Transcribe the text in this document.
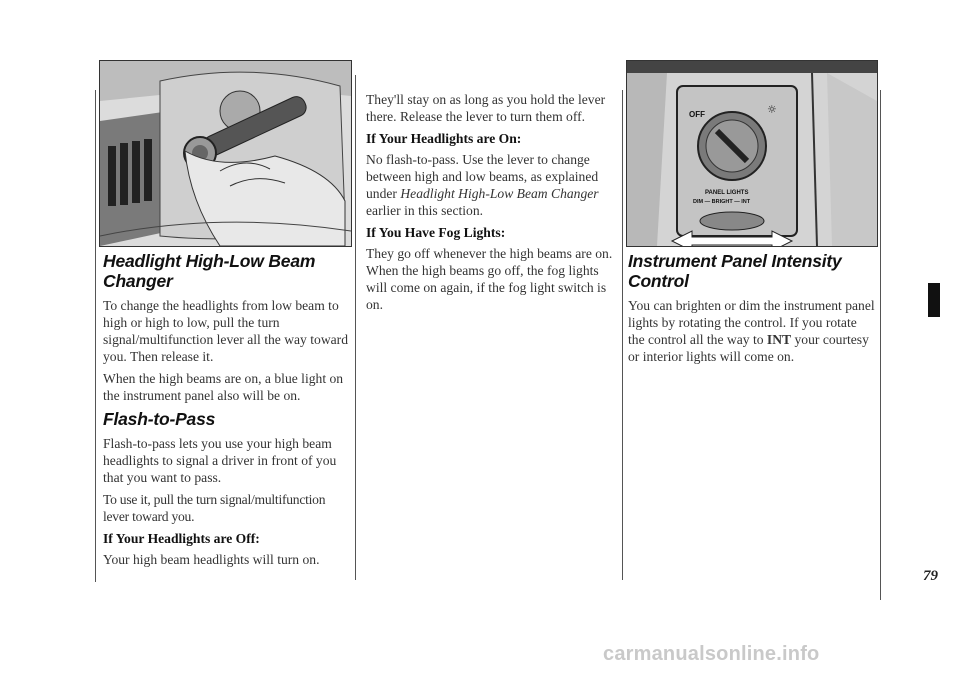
OFF	☼
PANEL LIGHTS
DIM — BRIGHT — INT
Headlight High-Low Beam Changer

To change the headlights from low beam to high or high to low, pull the turn signal/multifunction lever all the way toward you. Then release it.

When the high beams are on, a blue light on the instrument panel also will be on.

Flash-to-Pass

Flash-to-pass lets you use your high beam headlights to signal a driver in front of you that you want to pass.

To use it, pull the turn signal/multifunction lever toward you.

If Your Headlights are Off:

Your high beam headlights will turn on.

They'll stay on as long as you hold the lever there. Release the lever to turn them off.

If Your Headlights are On:

No flash-to-pass. Use the lever to change between high and low beams, as explained under Headlight High-Low Beam Changer earlier in this section.

If You Have Fog Lights:

They go off whenever the high beams are on. When the high beams go off, the fog lights will come on again, if the fog light switch is on.

Instrument Panel Intensity Control

You can brighten or dim the instrument panel lights by rotating the control. If you rotate the control all the way to INT your courtesy or interior lights will come on.

79
carmanualsonline.info
